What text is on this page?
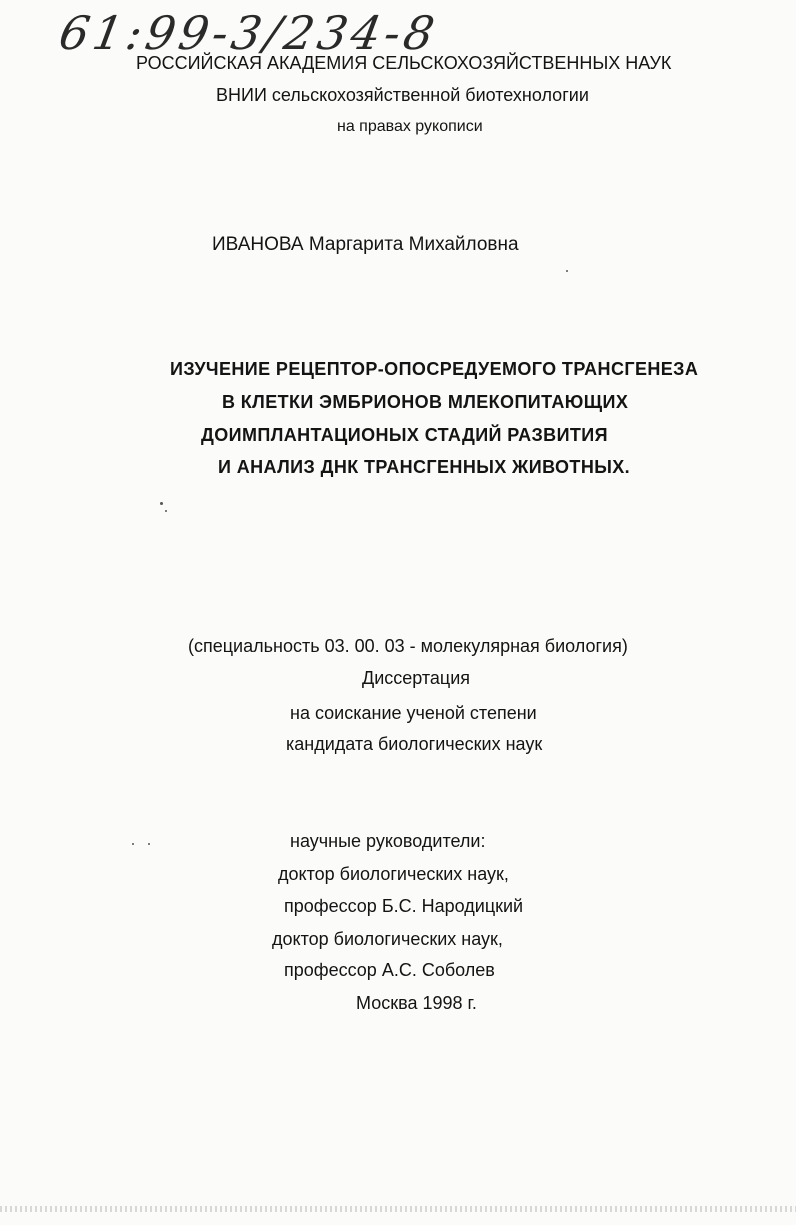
61:99-3/234-8
РОССИЙСКАЯ АКАДЕМИЯ СЕЛЬСКОХОЗЯЙСТВЕННЫХ НАУК
ВНИИ сельскохозяйственной биотехнологии
на правах рукописи
ИВАНОВА Маргарита Михайловна
ИЗУЧЕНИЕ РЕЦЕПТОР-ОПОСРЕДУЕМОГО ТРАНСГЕНЕЗА
В КЛЕТКИ ЭМБРИОНОВ МЛЕКОПИТАЮЩИХ
ДОИМПЛАНТАЦИОНЫХ СТАДИЙ РАЗВИТИЯ
И АНАЛИЗ ДНК ТРАНСГЕННЫХ ЖИВОТНЫХ.
(специальность 03. 00. 03 - молекулярная биология)
Диссертация
на соискание ученой степени
кандидата биологических наук
научные руководители:
доктор биологических наук,
профессор Б.С. Народицкий
доктор биологических наук,
профессор А.С. Соболев
Москва 1998 г.
